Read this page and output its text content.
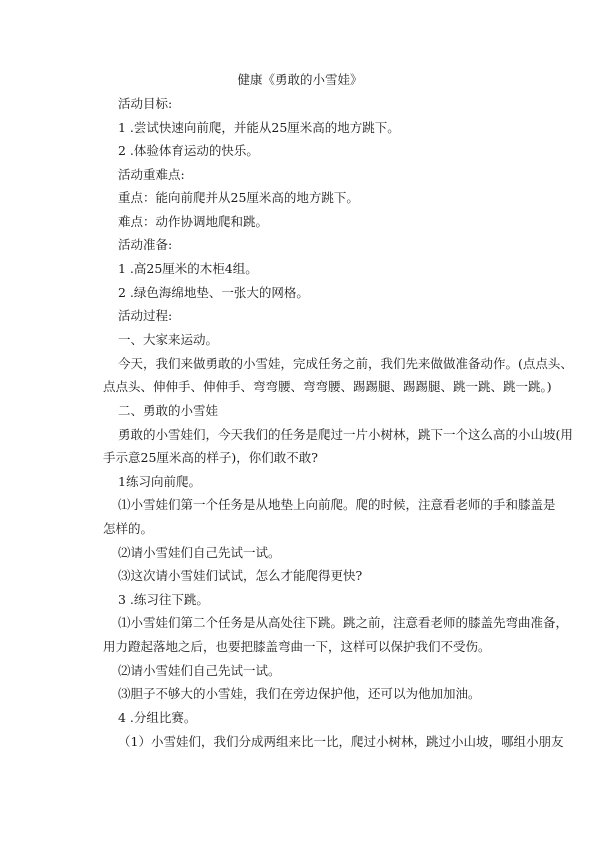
健康《勇敢的小雪娃》
活动目标:
1 .尝试快速向前爬，并能从25厘米高的地方跳下。
2 .体验体育运动的快乐。
活动重难点:
重点：能向前爬并从25厘米高的地方跳下。
难点：动作协调地爬和跳。
活动准备:
1 .高25厘米的木柜4组。
2 .绿色海绵地垫、一张大的网格。
活动过程:
一、大家来运动。
今天，我们来做勇敢的小雪娃，完成任务之前，我们先来做做准备动作。(点点头、
点点头、伸伸手、伸伸手、弯弯腰、弯弯腰、踢踢腿、踢踢腿、跳一跳、跳一跳。)
二、勇敢的小雪娃
勇敢的小雪娃们，今天我们的任务是爬过一片小树林，跳下一个这么高的小山坡(用
手示意25厘米高的样子)，你们敢不敢?
1练习向前爬。
⑴小雪娃们第一个任务是从地垫上向前爬。爬的时候，注意看老师的手和膝盖是
怎样的。
⑵请小雪娃们自己先试一试。
⑶这次请小雪娃们试试，怎么才能爬得更快?
3 .练习往下跳。
⑴小雪娃们第二个任务是从高处往下跳。跳之前，注意看老师的膝盖先弯曲准备，
用力蹬起落地之后，也要把膝盖弯曲一下，这样可以保护我们不受伤。
⑵请小雪娃们自己先试一试。
⑶胆子不够大的小雪娃，我们在旁边保护他，还可以为他加加油。
4 .分组比赛。
（1）小雪娃们，我们分成两组来比一比，爬过小树林，跳过小山坡，哪组小朋友
